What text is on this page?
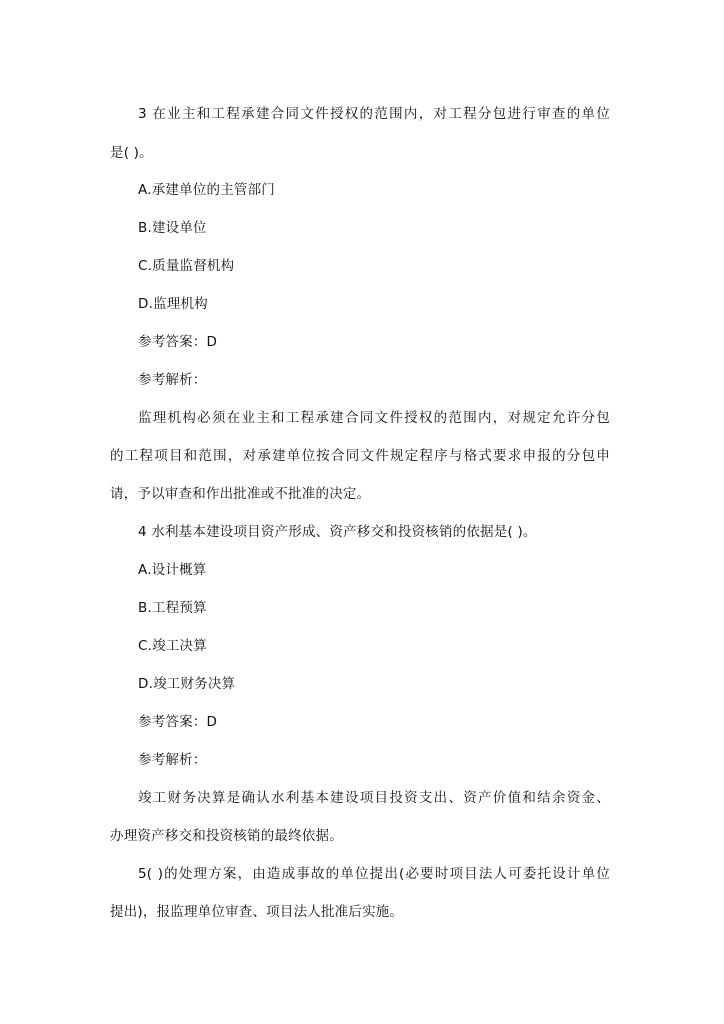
3 在业主和工程承建合同文件授权的范围内，对工程分包进行审查的单位
是( )。
A.承建单位的主管部门
B.建设单位
C.质量监督机构
D.监理机构
参考答案：D
参考解析：
监理机构必须在业主和工程承建合同文件授权的范围内，对规定允许分包
的工程项目和范围，对承建单位按合同文件规定程序与格式要求申报的分包申
请，予以审查和作出批准或不批准的决定。
4 水利基本建设项目资产形成、资产移交和投资核销的依据是( )。
A.设计概算
B.工程预算
C.竣工决算
D.竣工财务决算
参考答案：D
参考解析：
竣工财务决算是确认水利基本建设项目投资支出、资产价值和结余资金、
办理资产移交和投资核销的最终依据。
5( )的处理方案，由造成事故的单位提出(必要时项目法人可委托设计单位
提出)，报监理单位审查、项目法人批准后实施。
